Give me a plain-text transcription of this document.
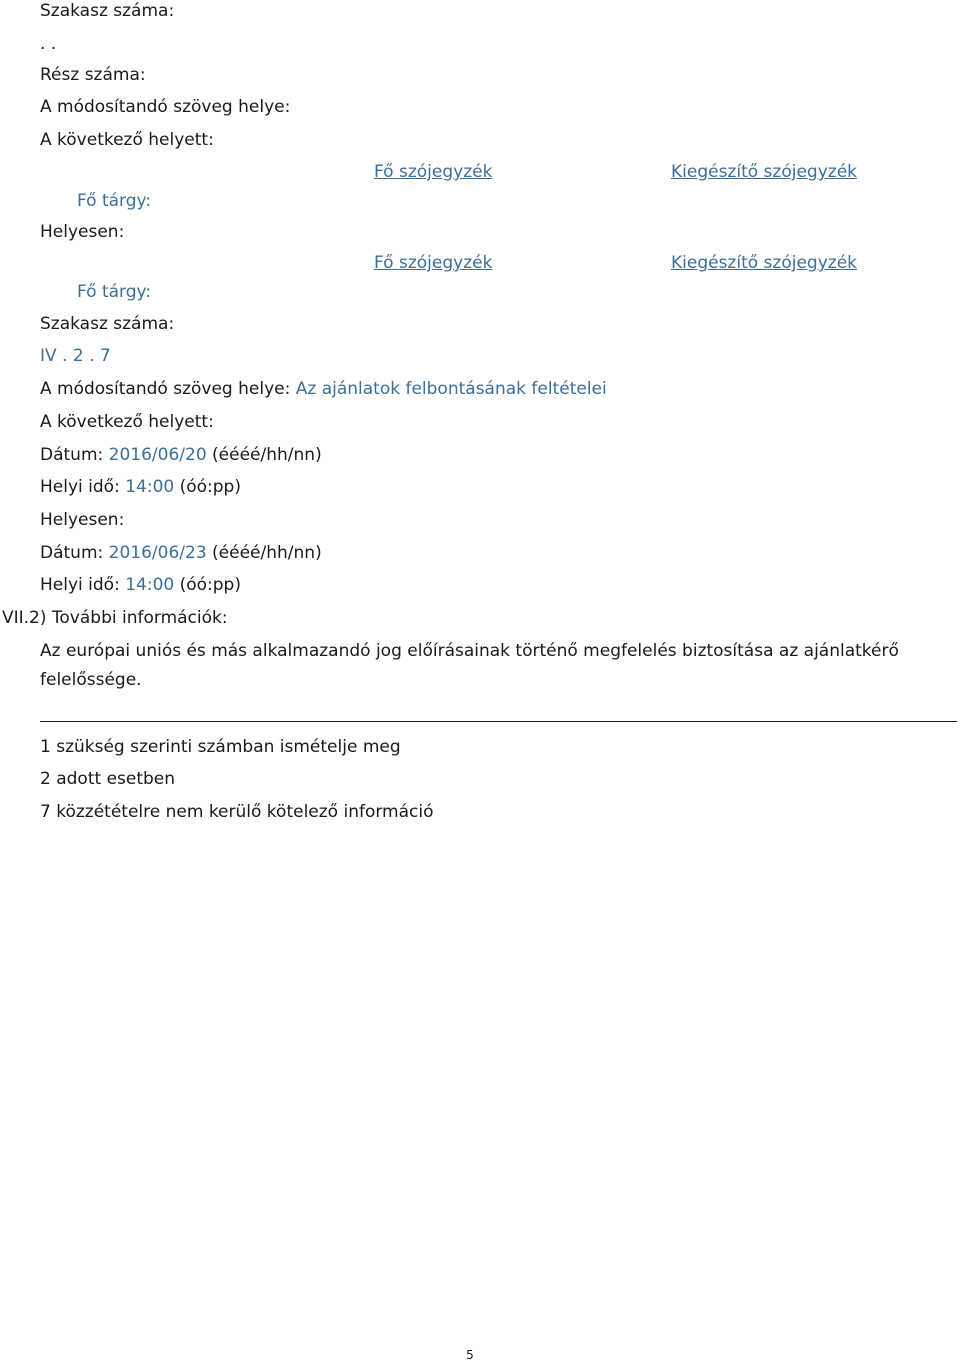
Szakasz száma:
. .
Rész száma:
A módosítandó szöveg helye:
A következő helyett:
Fő szójegyzék	Kiegészítő szójegyzék
Fő tárgy:
Helyesen:
Fő szójegyzék	Kiegészítő szójegyzék
Fő tárgy:
Szakasz száma:
IV . 2 . 7
A módosítandó szöveg helye: Az ajánlatok felbontásának feltételei
A következő helyett:
Dátum: 2016/06/20 (éééé/hh/nn)
Helyi idő: 14:00 (óó:pp)
Helyesen:
Dátum: 2016/06/23 (éééé/hh/nn)
Helyi idő: 14:00 (óó:pp)
VII.2) További információk:
Az európai uniós és más alkalmazandó jog előírásainak történő megfelelés biztosítása az ajánlatkérő felelőssége.
1 szükség szerinti számban ismételje meg
2 adott esetben
7 közzétételre nem kerülő kötelező információ
5
